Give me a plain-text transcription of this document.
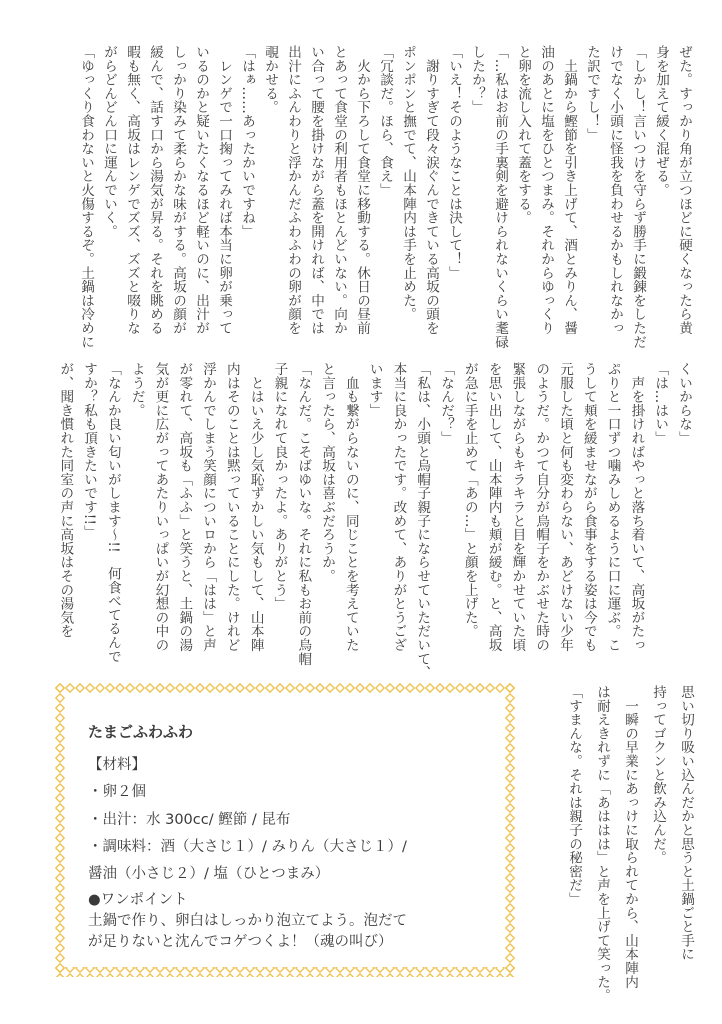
ぜた。すっかり角が立つほどに硬くなったら黄
身を加えて緩く混ぜる。
「しかし！言いつけを守らず勝手に鍛錬をしただ
けでなく小頭に怪我を負わせるかもしれなかっ
た訳ですし！」
　土鍋から鰹節を引き上げて、酒とみりん、醤
油のあとに塩をひとつまみ。それからゆっくり
と卵を流し入れて蓋をする。
「…私はお前の手裏剣を避けられないくらい耄碌
したか？」
「いえ！そのようなことは決して！」
　謝りすぎて段々涙ぐんできている高坂の頭を
ポンポンと撫でて、山本陣内は手を止めた。
「冗談だ。ほら、食え」
　火から下ろして食堂に移動する。休日の昼前
とあって食堂の利用者もほとんどいない。向か
い合って腰を掛けながら蓋を開ければ、中では
出汁にふんわりと浮かんだふわふわの卵が顔を
覗かせる。
「はぁ……あったかいですね」
　レンゲで一口掬ってみれば本当に卵が乗って
いるのかと疑いたくなるほど軽いのに、出汁が
しっかり染みて柔らかな味がする。高坂の顔が
緩んで、話す口から湯気が昇る。それを眺める
暇も無く、高坂はレンゲでズズ、ズズと啜りな
がらどんどん口に運んでいく。
「ゆっくり食わないと火傷するぞ。土鍋は冷めに
くいからな」
「は…はい」
　声を掛ければやっと落ち着いて、高坂がたっ
ぷりと一口ずつ噛みしめるように口に運ぶ。こ
うして頬を緩ませながら食事をする姿は今でも
元服した頃と何も変わらない、あどけない少年
のようだ。かつて自分が烏帽子をかぶせた時の
緊張しながらもキラキラと目を輝かせていた頃
を思い出して、山本陣内も頬が緩む。と、高坂
が急に手を止めて「あの…」と顔を上げた。
「なんだ？」
「私は、小頭と烏帽子親子にならせていただいて、
本当に良かったです。改めて、ありがとうござ
います」
　血も繋がらないのに、同じことを考えていた
と言ったら、高坂は喜ぶだろうか。
「なんだ。こそばゆいな。それに私もお前の烏帽
子親になれて良かったよ。ありがとう」
　とはいえ少し気恥ずかしい気もして、山本陣
内はそのことは黙っていることにした。けれど
浮かんでしまう笑顔についロから「はは」と声
が零れて、高坂も「ふふ」と笑うと、土鍋の湯
気が更に広がってあたりいっぱいが幻想の中の
ようだ。
「なんか良い匂いがします〜!!　何食べてるんで
すか？私も頂きたいです!!」
が、聞き慣れた同室の声に高坂はその湯気を
思い切り吸い込んだかと思うと土鍋ごと手に
持ってゴクンと飲み込んだ。
　一瞬の早業にあっけに取られてから、山本陣内
は耐えきれずに「あははは」と声を上げて笑った。
「すまんな。それは親子の秘密だ」
たまごふわふわ
【材料】
・卵２個
・出汁：水 300cc/ 鰹節 / 昆布
・調味料：酒（大さじ１）/ みりん（大さじ１）/
醤油（小さじ２）/ 塩（ひとつまみ）
●ワンポイント
土鍋で作り、卵白はしっかり泡立てよう。泡だて
が足りないと沈んでコゲつくよ！（魂の叫び）
